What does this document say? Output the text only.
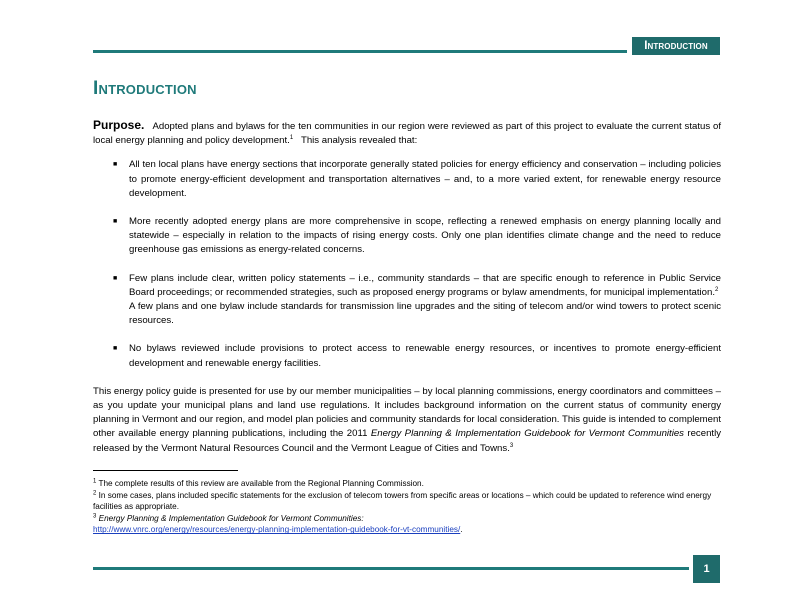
Introduction
Introduction

Purpose. Adopted plans and bylaws for the ten communities in our region were reviewed as part of this project to evaluate the current status of local energy planning and policy development.$^1$ This analysis revealed that:

■ All ten local plans have energy sections that incorporate generally stated policies for energy efficiency and conservation – including policies to promote energy-efficient development and transportation alternatives – and, to a more varied extent, for renewable energy resource development.
■ More recently adopted energy plans are more comprehensive in scope, reflecting a renewed emphasis on energy planning locally and statewide – especially in relation to the impacts of rising energy costs. Only one plan identifies climate change and the need to reduce greenhouse gas emissions as energy-related concerns.
■ Few plans include clear, written policy statements – i.e., community standards – that are specific enough to reference in Public Service Board proceedings; or recommended strategies, such as proposed energy programs or bylaw amendments, for municipal implementation.$^2$  A few plans and one bylaw include standards for transmission line upgrades and the siting of telecom and/or wind towers to protect scenic resources.
■ No bylaws reviewed include provisions to protect access to renewable energy resources, or incentives to promote energy-efficient development and renewable energy facilities.

This energy policy guide is presented for use by our member municipalities – by local planning commissions, energy coordinators and committees – as you update your municipal plans and land use regulations. It includes background information on the current status of community energy planning in Vermont and our region, and model plan policies and community standards for local consideration. This guide is intended to complement other available energy planning publications, including the 2011 Energy Planning & Implementation Guidebook for Vermont Communities recently released by the Vermont Natural Resources Council and the Vermont League of Cities and Towns.$^3$

$^1$ The complete results of this review are available from the Regional Planning Commission.

$^2$ In some cases, plans included specific statements for the exclusion of telecom towers from specific areas or locations – which could be updated to reference wind energy facilities as appropriate.

$^3$ Energy Planning & Implementation Guidebook for Vermont Communities:
http://www.vnrc.org/energy/resources/energy-planning-implementation-guidebook-for-vt-communities/.

1
